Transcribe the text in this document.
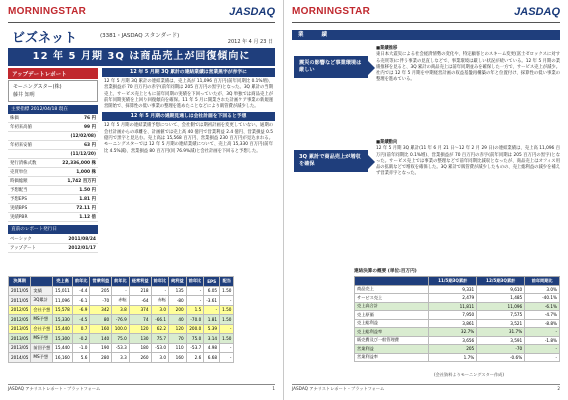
MORNINGSTAR	JASDAQ
ビズネット	(3381・JASDAQ スタンダード)
2012 年 4 月 23 日
12 年 5 月期 3Q は商品売上が回復傾向に
アップデートレポート
モーニングスター(株)
藤井 知明
主要指標 2012/04/18 現在
株価	76 円
年初来高値	99 円
(12/02/08)
年初来安値	63 円
(11/12/20)
発行済株式数	22,336,000 株
売買単位	1,000 株
時価総額	1,742 百万円
予想配当	1.50 円
予想EPS	1.81 円
実績BPS	72.11 円
実績PBR	1.12 倍
直前のレポート発行日
ベーシック	2011/08/24
アップデート	2012/01/17
12 年 5 月期 3Q 累計の連結業績は営業黒字が赤字に
12 年 5 月期 3Q 累計の連結業績は、売上高が 11,096 百万円(前年同期比 0.1%増)、営業損益が 70 百万円の赤字(前年同期は 205 百万円の黒字)となった。3Q 累計の当期売上、サービス売上ともに前年同期の実績を下回っていたが、3Q 単独では商品売上が前年同期実績を上回り回復傾向を確保。11 年 5 月に開業された計画ケア事業の新規運営開始で、採算性の低い事業の整理を進めたことなどにより販管費が減少した。
12 年 5 月期の通期見通しは会社計画を下回ると予想
12 年 5 月期の連結業績予想について、会社側では期初計画を変更していない。通期の会社計画からの乖離を、計画値では売上高 40 億円で営業利益 2.4 億円、営業損益 0.5 億円で黒字と見込む。売上高は 15,568 百万円、営業損益 230 百万円が見込まれる。モーニングスターでは 12 年 5 月期の連結業績について、売上高 15,330 百万円(前年比 4.5%減)、営業損益 80 百万円(同 76.9%減)と会社計画を下回ると予想した。
決算期		売上高	前年比	営業利益	前年比	経常利益	前年比	純利益	前年比	EPS	配当
2011/05	実績	15,011	-4.4	205	-	218	-	135	-	6.05	1.50
2011/05	3Q累計	11,096	-6.1	-70	赤転	-64	赤転	-80	-	-3.61	-
2012/05	会社予想	15,578	-6.9	342	3.8	374	3.0	200	1.5	-	1.50
2012/05	MS予想	15,330	-4.5	80	-76.9	74	-66.1	40	-70.0	1.81	1.50
2013/05	会社予想	15,440	0.7	160	100.0	120	62.2	120	200.0	5.39	-
2013/05	MS予想	15,300	-0.2	140	75.0	130	75.7	70	75.0	3.14	1.50
2013/05	前回予想	15,440	-1.0	190	-53.3	180	-53.0	110	-53.7	4.98	-
2014/05	MS予想	16,160	5.6	280	3.3	260	3.0	160	2.6	6.68	-
JASDAQ アナリストレポート・プラットフォーム	1
MORNINGSTAR	JASDAQ
業	績
震災の影響など事業環境は厳しい
■業績推移
東日本大震災による社会経済情勢の変化や、特定顧客とのスキーム変更(富士ゼロックスに対する売買等)に伴う事業の見直しなどで、事業環境は厳しい状況が続いている。12 年 5 月期の業績推移を見ると、3Q 累計の商品売上は前年同期並みを確保した一方で、サービス売上が減少。社内では 12 年 5 月期を中期経営計画の収益基盤再構築の年と位置付け、採算性の低い事業の整理を進めている。
3Q 累計で商品売上が増収を確保
■業績動向
12 年 5 月期 3Q 累計(11 年 6 月 21 日～12 年 2 月 29 日)の連結業績は、売上高 11,096 百万円(前年同期比 0.1%増)、営業損益が 70 百万円の赤字(前年同期は 205 百万円の黒字)となった。サービス売上では事業の整理などで前年同期比減収となったが、商品売上はオフィス用品の拡販などで増収を確保した。3Q 累計で販管費が減少したものの、売上総利益の減少を補えず営業赤字となった。
連結決算の概要 (単位:百万円)
	11/5期3Q累計	12/5期3Q累計	前年同期比
商品売上	9,331	9,610	3.0%
サービス売上	2,479	1,485	-40.1%
売上高合計	11,811	11,096	-6.1%
売上原価	7,950	7,575	-4.7%
売上総利益	3,861	3,521	-8.8%
売上総利益率	32.7%	31.7%	-
販売費及び一般管理費	3,656	3,591	-1.8%
営業利益	205	-70	-
営業利益率	1.7%	-0.6%	-
(会社資料よりモーニングスター作成)
JASDAQ アナリストレポート・プラットフォーム	2
